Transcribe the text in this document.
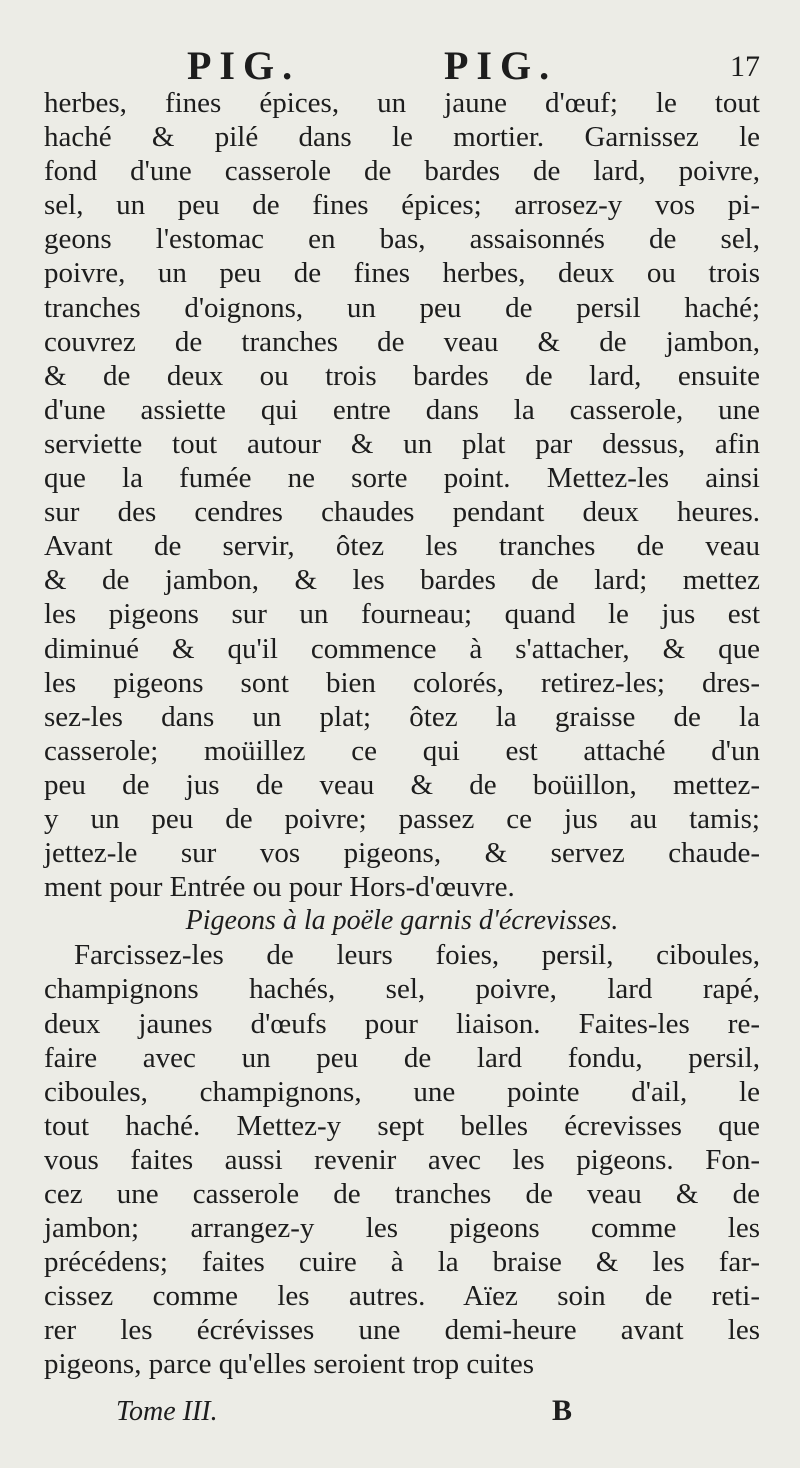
PIG.	PIG.	17
herbes, fines épices, un jaune d'œuf; le tout
haché & pilé dans le mortier. Garnissez le
fond d'une casserole de bardes de lard, poivre,
sel, un peu de fines épices; arrosez-y vos pi-
geons l'estomac en bas, assaisonnés de sel,
poivre, un peu de fines herbes, deux ou trois
tranches d'oignons, un peu de persil haché;
couvrez de tranches de veau & de jambon,
& de deux ou trois bardes de lard, ensuite
d'une assiette qui entre dans la casserole, une
serviette tout autour & un plat par dessus, afin
que la fumée ne sorte point. Mettez-les ainsi
sur des cendres chaudes pendant deux heures.
Avant de servir, ôtez les tranches de veau
& de jambon, & les bardes de lard; mettez
les pigeons sur un fourneau; quand le jus est
diminué & qu'il commence à s'attacher, & que
les pigeons sont bien colorés, retirez-les; dres-
sez-les dans un plat; ôtez la graisse de la
casserole; moüillez ce qui est attaché d'un
peu de jus de veau & de boüillon, mettez-
y un peu de poivre; passez ce jus au tamis;
jettez-le sur vos pigeons, & servez chaude-
ment pour Entrée ou pour Hors-d'œuvre.
Pigeons à la poële garnis d'écrevisses.
Farcissez-les de leurs foies, persil, ciboules,
champignons hachés, sel, poivre, lard rapé,
deux jaunes d'œufs pour liaison. Faites-les re-
faire avec un peu de lard fondu, persil,
ciboules, champignons, une pointe d'ail, le
tout haché. Mettez-y sept belles écrevisses que
vous faites aussi revenir avec les pigeons. Fon-
cez une casserole de tranches de veau & de
jambon; arrangez-y les pigeons comme les
précédens; faites cuire à la braise & les far-
cissez comme les autres. Aïez soin de reti-
rer les écrévisses une demi-heure avant les
pigeons, parce qu'elles seroient trop cuites
Tome III.	B
